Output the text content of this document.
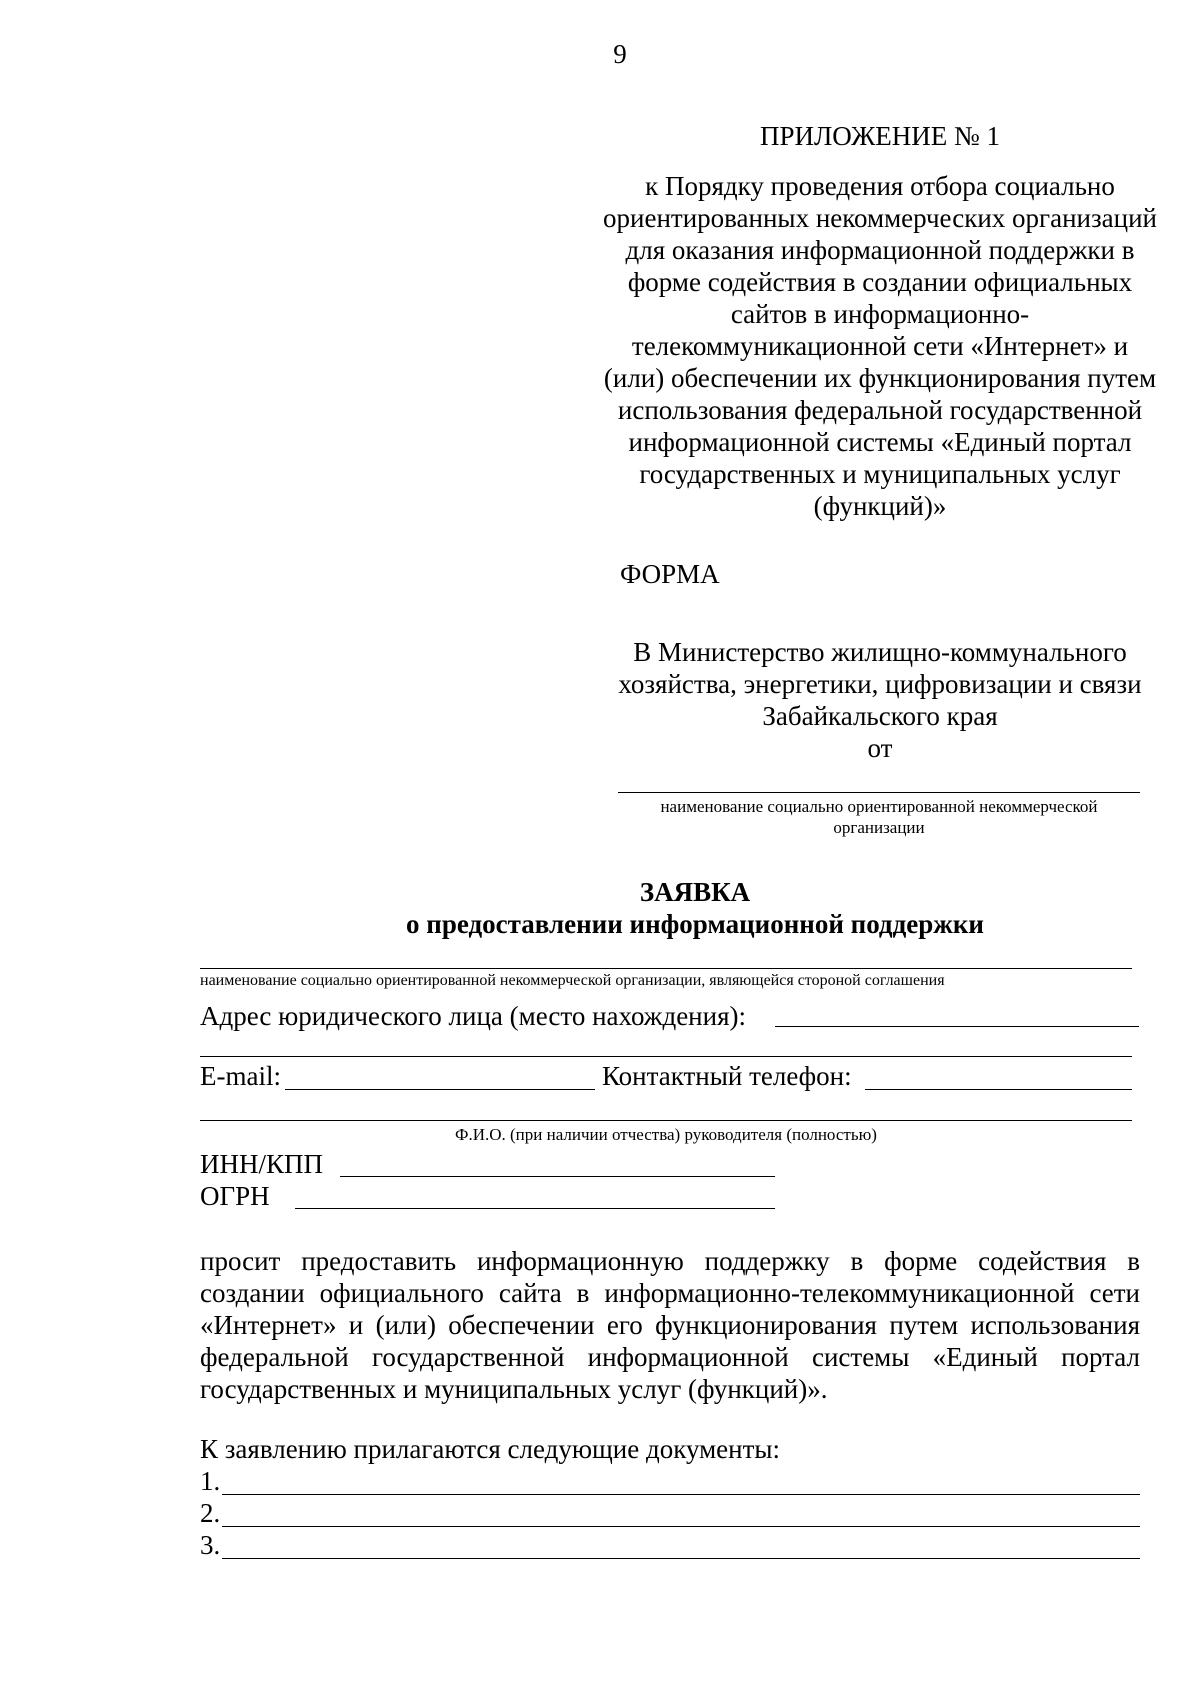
9
ПРИЛОЖЕНИЕ № 1
к Порядку проведения отбора социально ориентированных некоммерческих организаций для оказания информационной поддержки в форме содействия в создании официальных сайтов в информационно-телекоммуникационной сети «Интернет» и (или) обеспечении их функционирования путем использования федеральной государственной информационной системы «Единый портал государственных и муниципальных услуг (функций)»
ФОРМА
В Министерство жилищно-коммунального хозяйства, энергетики, цифровизации и связи Забайкальского края
от
наименование социально ориентированной некоммерческой организации
ЗАЯВКА
о предоставлении информационной поддержки
наименование социально ориентированной некоммерческой организации, являющейся стороной соглашения
Адрес юридического лица (место нахождения):
E-mail:	Контактный телефон:
Ф.И.О. (при наличии отчества) руководителя (полностью)
ИНН/КПП
ОГРН
просит предоставить информационную поддержку в форме содействия в создании официального сайта в информационно-телекоммуникационной сети «Интернет» и (или) обеспечении его функционирования путем использования федеральной государственной информационной системы «Единый портал государственных и муниципальных услуг (функций)».
К заявлению прилагаются следующие документы:
1.
2.
3.
